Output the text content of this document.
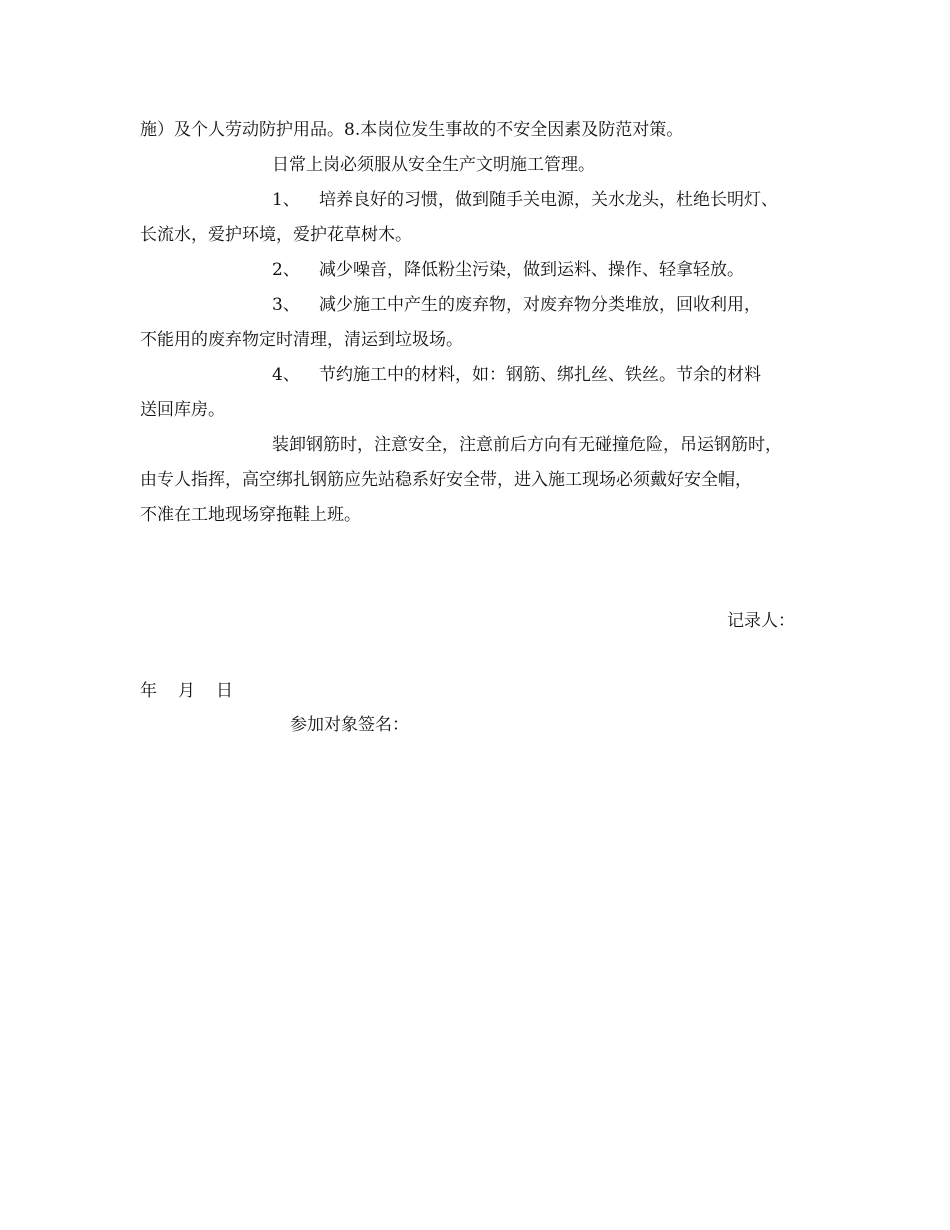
施）及个人劳动防护用品。8.本岗位发生事故的不安全因素及防范对策。
日常上岗必须服从安全生产文明施工管理。
1、 培养良好的习惯，做到随手关电源，关水龙头，杜绝长明灯、
长流水，爱护环境，爱护花草树木。
2、 减少噪音，降低粉尘污染，做到运料、操作、轻拿轻放。
3、 减少施工中产生的废弃物，对废弃物分类堆放，回收利用，
不能用的废弃物定时清理，清运到垃圾场。
4、 节约施工中的材料，如：钢筋、绑扎丝、铁丝。节余的材料
送回库房。
装卸钢筋时，注意安全，注意前后方向有无碰撞危险，吊运钢筋时，
由专人指挥，高空绑扎钢筋应先站稳系好安全带，进入施工现场必须戴好安全帽，
不准在工地现场穿拖鞋上班。
记录人：
年 月 日
参加对象签名：
